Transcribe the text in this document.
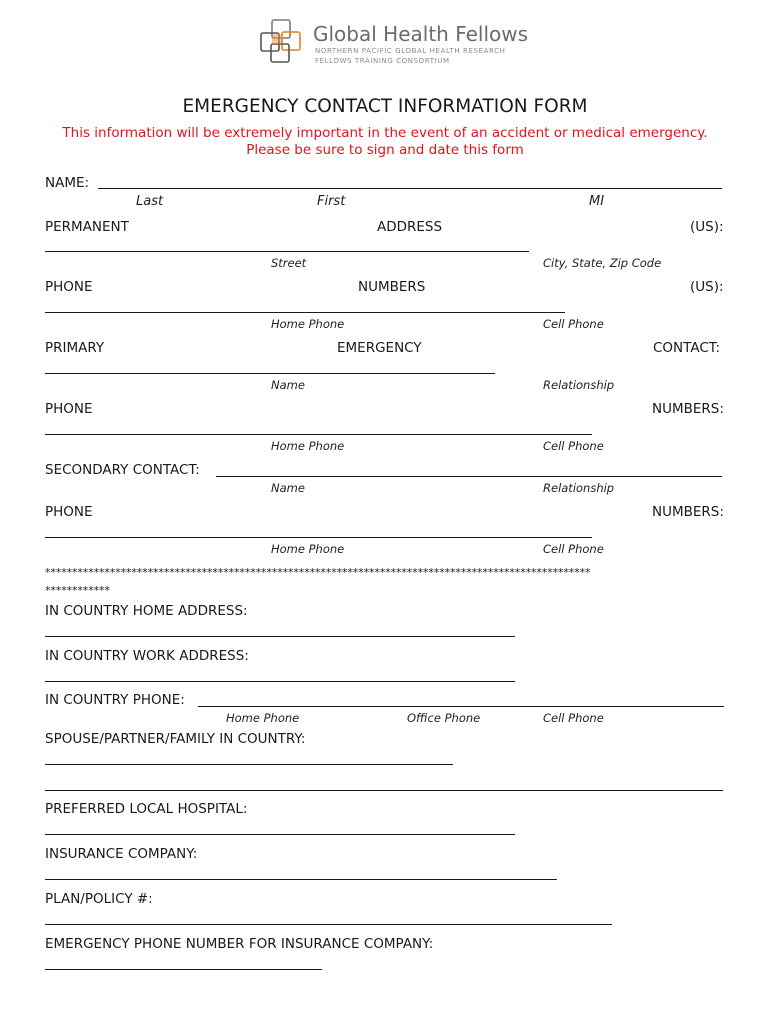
Global Health Fellows
NORTHERN PACIFIC GLOBAL HEALTH RESEARCH
FELLOWS TRAINING CONSORTIUM
EMERGENCY CONTACT INFORMATION FORM
This information will be extremely important in the event of an accident or medical emergency.
Please be sure to sign and date this form
NAME:
Last	First	MI
PERMANENT	ADDRESS	(US):
Street	City, State, Zip Code
PHONE	NUMBERS	(US):
Home Phone	Cell Phone
PRIMARY	EMERGENCY	CONTACT:
Name	Relationship
PHONE	NUMBERS:
Home Phone	Cell Phone
SECONDARY CONTACT:
Name	Relationship
PHONE	NUMBERS:
Home Phone	Cell Phone
*****************************************************************************************************
************
IN COUNTRY HOME ADDRESS:
IN COUNTRY WORK ADDRESS:
IN COUNTRY PHONE:
Home Phone	Office Phone	Cell Phone
SPOUSE/PARTNER/FAMILY IN COUNTRY:
PREFERRED LOCAL HOSPITAL:
INSURANCE COMPANY:
PLAN/POLICY #:
EMERGENCY PHONE NUMBER FOR INSURANCE COMPANY:
